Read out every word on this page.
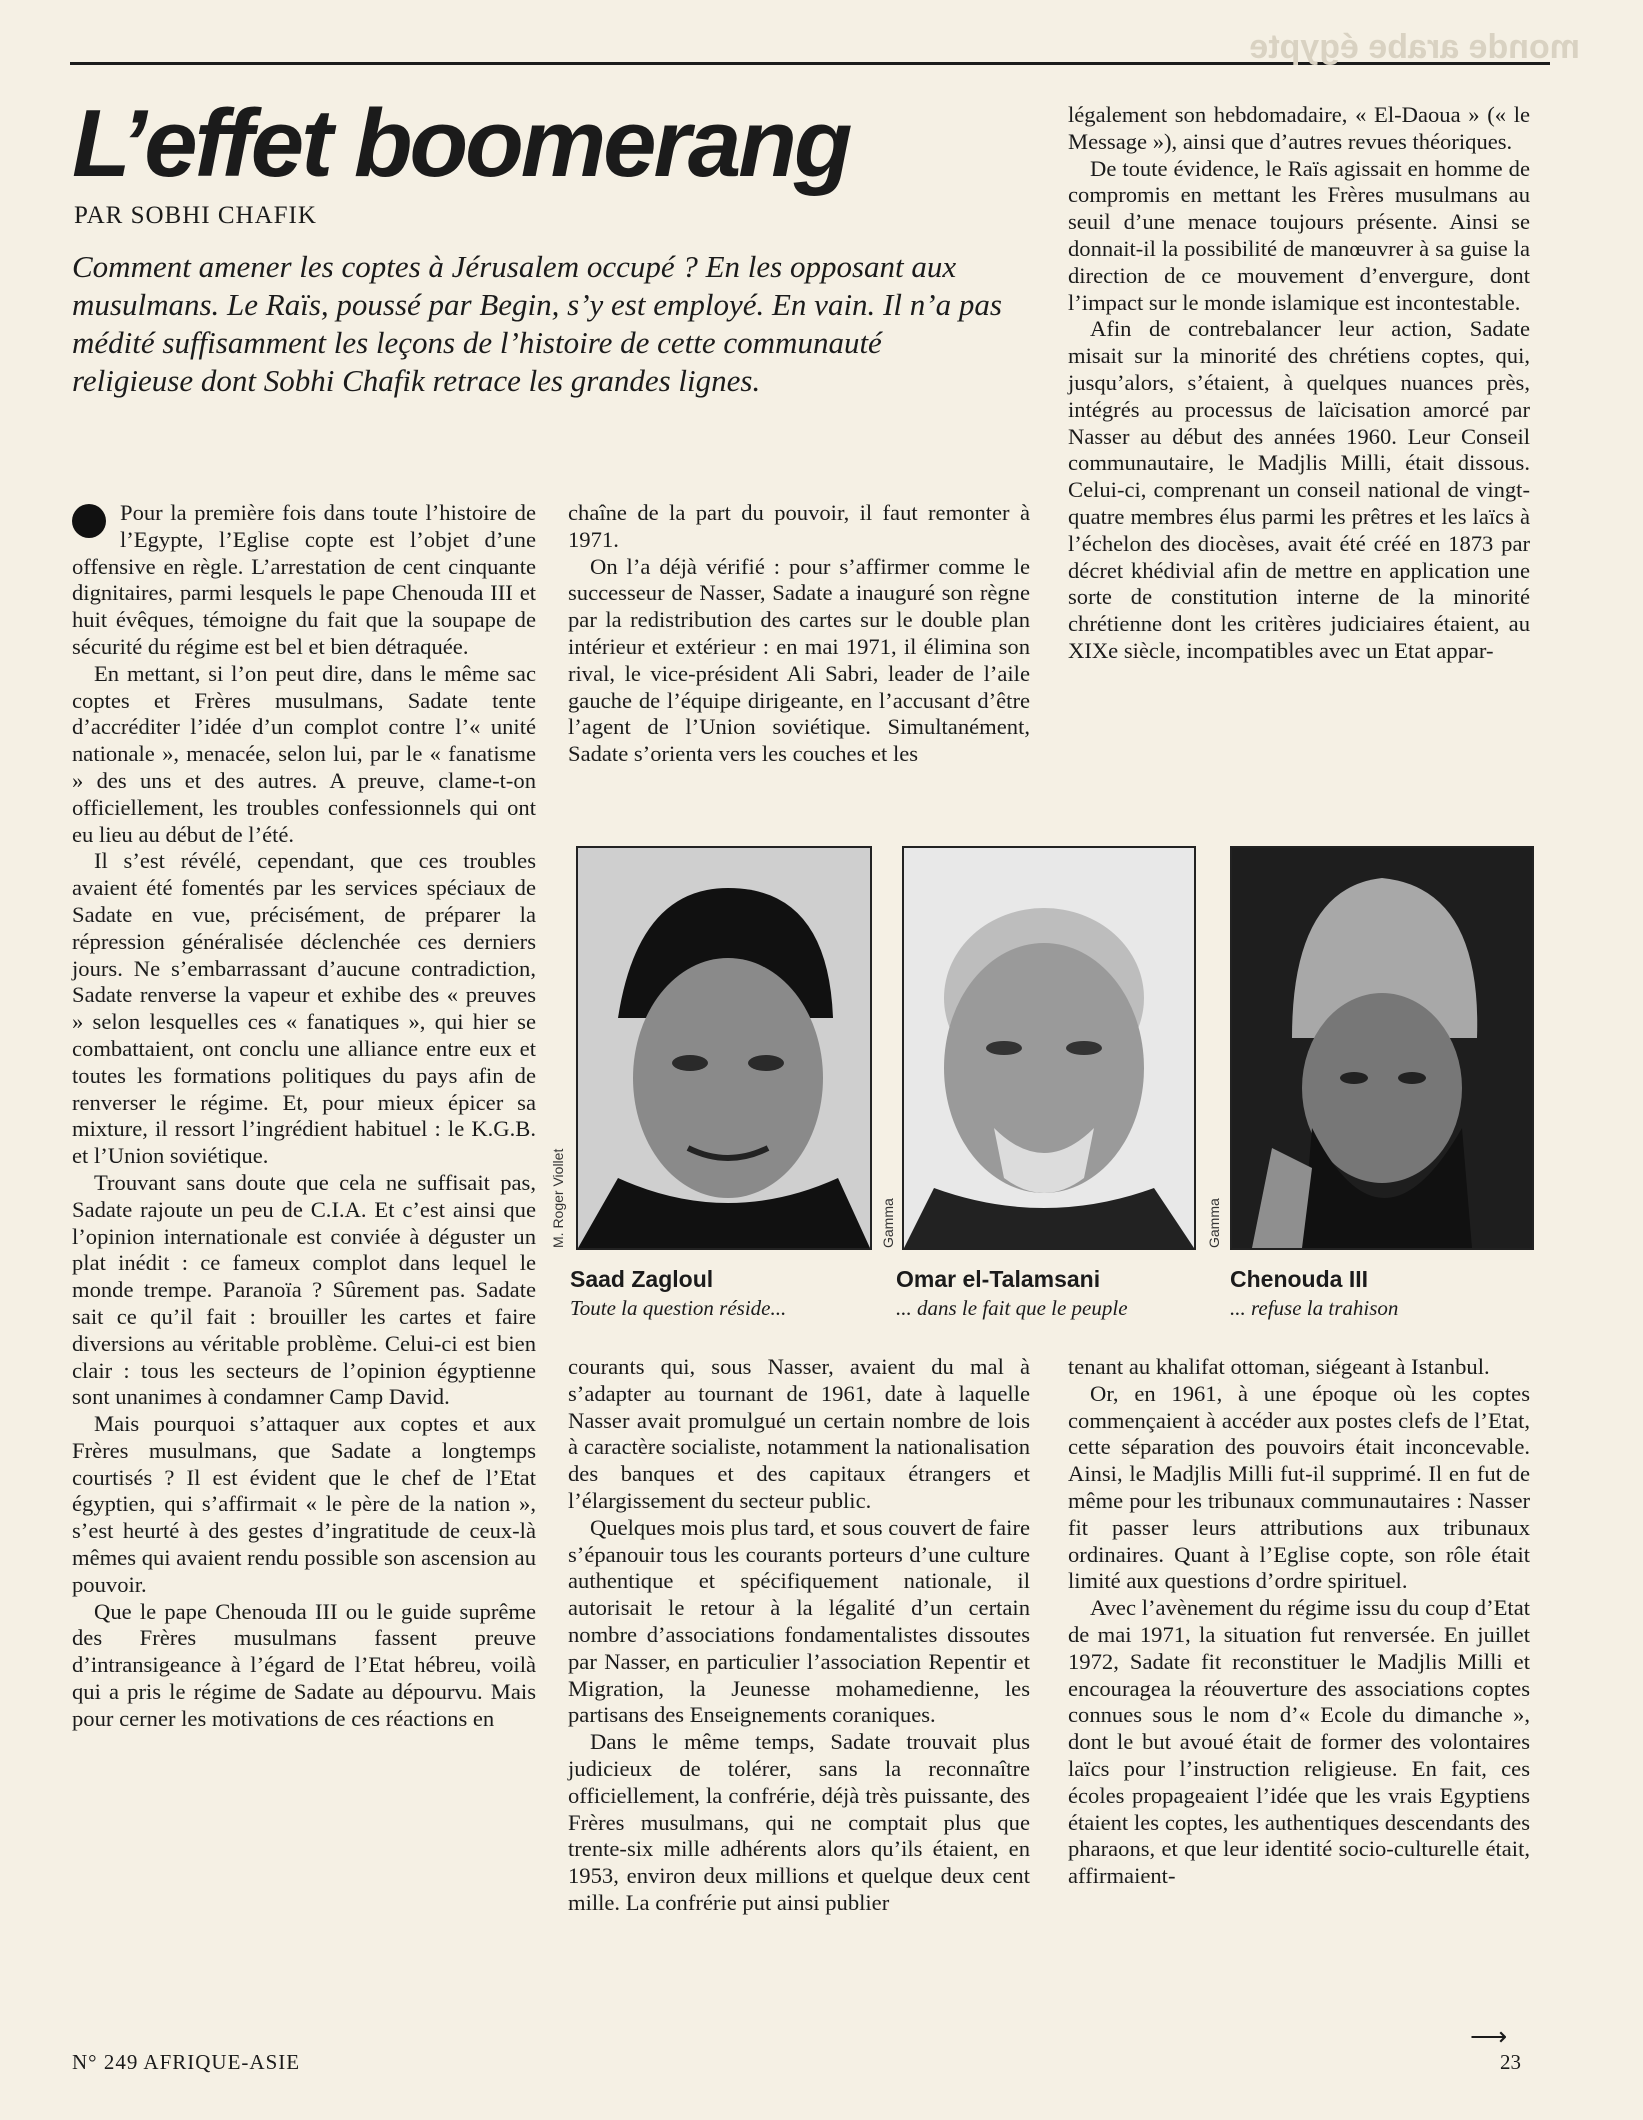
monde arabe égypte
L’effet boomerang
PAR SOBHI CHAFIK
Comment amener les coptes à Jérusalem occupé ? En les opposant aux musulmans. Le Raïs, poussé par Begin, s’y est employé. En vain. Il n’a pas médité suffisamment les leçons de l’histoire de cette communauté religieuse dont Sobhi Chafik retrace les grandes lignes.

Pour la première fois dans toute l’histoire de l’Egypte, l’Eglise copte est l’objet d’une offensive en règle. L’arrestation de cent cinquante dignitaires, parmi lesquels le pape Chenouda III et huit évêques, témoigne du fait que la soupape de sécurité du régime est bel et bien détraquée.

En mettant, si l’on peut dire, dans le même sac coptes et Frères musulmans, Sadate tente d’accréditer l’idée d’un complot contre l’« unité nationale », menacée, selon lui, par le « fanatisme » des uns et des autres. A preuve, clame-t-on officiellement, les troubles confessionnels qui ont eu lieu au début de l’été.

Il s’est révélé, cependant, que ces troubles avaient été fomentés par les services spéciaux de Sadate en vue, précisément, de préparer la répression généralisée déclenchée ces derniers jours. Ne s’embarrassant d’aucune contradiction, Sadate renverse la vapeur et exhibe des « preuves » selon lesquelles ces « fanatiques », qui hier se combattaient, ont conclu une alliance entre eux et toutes les formations politiques du pays afin de renverser le régime. Et, pour mieux épicer sa mixture, il ressort l’ingrédient habituel : le K.G.B. et l’Union soviétique.

Trouvant sans doute que cela ne suffisait pas, Sadate rajoute un peu de C.I.A. Et c’est ainsi que l’opinion internationale est conviée à déguster un plat inédit : ce fameux complot dans lequel le monde trempe. Paranoïa ? Sûrement pas. Sadate sait ce qu’il fait : brouiller les cartes et faire diversions au véritable problème. Celui-ci est bien clair : tous les secteurs de l’opinion égyptienne sont unanimes à condamner Camp David.

Mais pourquoi s’attaquer aux coptes et aux Frères musulmans, que Sadate a longtemps courtisés ? Il est évident que le chef de l’Etat égyptien, qui s’affirmait « le père de la nation », s’est heurté à des gestes d’ingratitude de ceux-là mêmes qui avaient rendu possible son ascension au pouvoir.

Que le pape Chenouda III ou le guide suprême des Frères musulmans fassent preuve d’intransigeance à l’égard de l’Etat hébreu, voilà qui a pris le régime de Sadate au dépourvu. Mais pour cerner les motivations de ces réactions en

chaîne de la part du pouvoir, il faut remonter à 1971.

On l’a déjà vérifié : pour s’affirmer comme le successeur de Nasser, Sadate a inauguré son règne par la redistribution des cartes sur le double plan intérieur et extérieur : en mai 1971, il élimina son rival, le vice-président Ali Sabri, leader de l’aile gauche de l’équipe dirigeante, en l’accusant d’être l’agent de l’Union soviétique. Simultanément, Sadate s’orienta vers les couches et les

légalement son hebdomadaire, « El-Daoua » (« le Message »), ainsi que d’autres revues théoriques.

De toute évidence, le Raïs agissait en homme de compromis en mettant les Frères musulmans au seuil d’une menace toujours présente. Ainsi se donnait-il la possibilité de manœuvrer à sa guise la direction de ce mouvement d’envergure, dont l’impact sur le monde islamique est incontestable.

Afin de contrebalancer leur action, Sadate misait sur la minorité des chrétiens coptes, qui, jusqu’alors, s’étaient, à quelques nuances près, intégrés au processus de laïcisation amorcé par Nasser au début des années 1960. Leur Conseil communautaire, le Madjlis Milli, était dissous. Celui-ci, comprenant un conseil national de vingt-quatre membres élus parmi les prêtres et les laïcs à l’échelon des diocèses, avait été créé en 1873 par décret khédivial afin de mettre en application une sorte de constitution interne de la minorité chrétienne dont les critères judiciaires étaient, au XIXe siècle, incompatibles avec un Etat appar-

M. Roger Viollet	Gamma	Gamma
Saad Zagloul
Toute la question réside...
Omar el-Talamsani
... dans le fait que le peuple
Chenouda III
... refuse la trahison

courants qui, sous Nasser, avaient du mal à s’adapter au tournant de 1961, date à laquelle Nasser avait promulgué un certain nombre de lois à caractère socialiste, notamment la nationalisation des banques et des capitaux étrangers et l’élargissement du secteur public.

Quelques mois plus tard, et sous couvert de faire s’épanouir tous les courants porteurs d’une culture authentique et spécifiquement nationale, il autorisait le retour à la légalité d’un certain nombre d’associations fondamentalistes dissoutes par Nasser, en particulier l’association Repentir et Migration, la Jeunesse mohamedienne, les partisans des Enseignements coraniques.

Dans le même temps, Sadate trouvait plus judicieux de tolérer, sans la reconnaître officiellement, la confrérie, déjà très puissante, des Frères musulmans, qui ne comptait plus que trente-six mille adhérents alors qu’ils étaient, en 1953, environ deux millions et quelque deux cent mille. La confrérie put ainsi publier

tenant au khalifat ottoman, siégeant à Istanbul.

Or, en 1961, à une époque où les coptes commençaient à accéder aux postes clefs de l’Etat, cette séparation des pouvoirs était inconcevable. Ainsi, le Madjlis Milli fut-il supprimé. Il en fut de même pour les tribunaux communautaires : Nasser fit passer leurs attributions aux tribunaux ordinaires. Quant à l’Eglise copte, son rôle était limité aux questions d’ordre spirituel.

Avec l’avènement du régime issu du coup d’Etat de mai 1971, la situation fut renversée. En juillet 1972, Sadate fit reconstituer le Madjlis Milli et encouragea la réouverture des associations coptes connues sous le nom d’« Ecole du dimanche », dont le but avoué était de former des volontaires laïcs pour l’instruction religieuse. En fait, ces écoles propageaient l’idée que les vrais Egyptiens étaient les coptes, les authentiques descendants des pharaons, et que leur identité socio-culturelle était, affirmaient-

⟶
N° 249 AFRIQUE-ASIE	23
